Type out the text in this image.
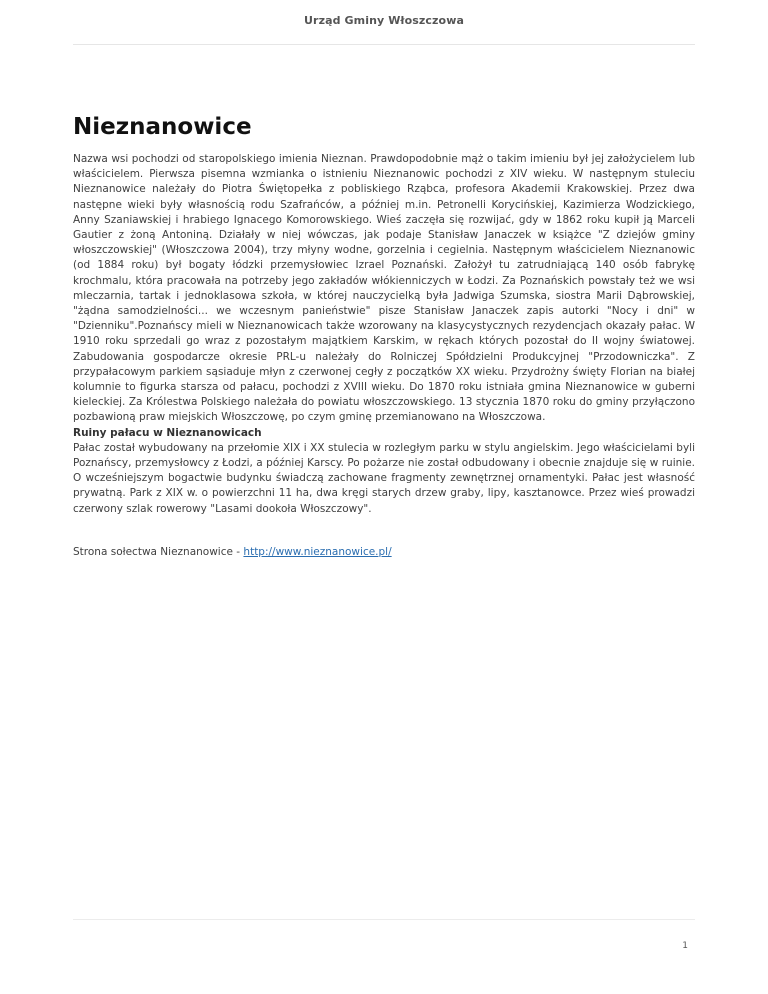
Urząd Gminy Włoszczowa
Nieznanowice

Nazwa wsi pochodzi od staropolskiego imienia Nieznan. Prawdopodobnie mąż o takim imieniu był jej założycielem lub właścicielem. Pierwsza pisemna wzmianka o istnieniu Nieznanowic pochodzi z XIV wieku. W następnym stuleciu Nieznanowice należały do Piotra Świętopełka z pobliskiego Rząbca, profesora Akademii Krakowskiej. Przez dwa następne wieki były własnością rodu Szafrańców, a później m.in. Petronelli Korycińskiej, Kazimierza Wodzickiego, Anny Szaniawskiej i hrabiego Ignacego Komorowskiego. Wieś zaczęła się rozwijać, gdy w 1862 roku kupił ją Marceli Gautier z żoną Antoniną. Działały w niej wówczas, jak podaje Stanisław Janaczek w książce "Z dziejów gminy włoszczowskiej" (Włoszczowa 2004), trzy młyny wodne, gorzelnia i cegielnia. Następnym właścicielem Nieznanowic (od 1884 roku) był bogaty łódzki przemysłowiec Izrael Poznański. Założył tu zatrudniającą 140 osób fabrykę krochmalu, która pracowała na potrzeby jego zakładów włókienniczych w Łodzi. Za Poznańskich powstały też we wsi mleczarnia, tartak i jednoklasowa szkoła, w której nauczycielką była Jadwiga Szumska, siostra Marii Dąbrowskiej, "żądna samodzielności... we wczesnym panieństwie" pisze Stanisław Janaczek zapis autorki "Nocy i dni" w "Dzienniku".Poznańscy mieli w Nieznanowicach także wzorowany na klasycystycznych rezydencjach okazały pałac. W 1910 roku sprzedali go wraz z pozostałym majątkiem Karskim, w rękach których pozostał do II wojny światowej. Zabudowania gospodarcze okresie PRL-u należały do Rolniczej Spółdzielni Produkcyjnej "Przodowniczka". Z przypałacowym parkiem sąsiaduje młyn z czerwonej cegły z początków XX wieku. Przydrożny święty Florian na białej kolumnie to figurka starsza od pałacu, pochodzi z XVIII wieku. Do 1870 roku istniała gmina Nieznanowice w guberni kieleckiej. Za Królestwa Polskiego należała do powiatu włoszczowskiego. 13 stycznia 1870 roku do gminy przyłączono pozbawioną praw miejskich Włoszczowę, po czym gminę przemianowano na Włoszczowa.

Ruiny pałacu w Nieznanowicach

Pałac został wybudowany na przełomie XIX i XX stulecia w rozległym parku w stylu angielskim. Jego właścicielami byli Poznańscy, przemysłowcy z Łodzi, a później Karscy. Po pożarze nie został odbudowany i obecnie znajduje się w ruinie. O wcześniejszym bogactwie budynku świadczą zachowane fragmenty zewnętrznej ornamentyki. Pałac jest własność prywatną. Park z XIX w. o powierzchni 11 ha, dwa kręgi starych drzew graby, lipy, kasztanowce. Przez wieś prowadzi czerwony szlak rowerowy "Lasami dookoła Włoszczowy".

Strona sołectwa Nieznanowice - http://www.nieznanowice.pl/

1
